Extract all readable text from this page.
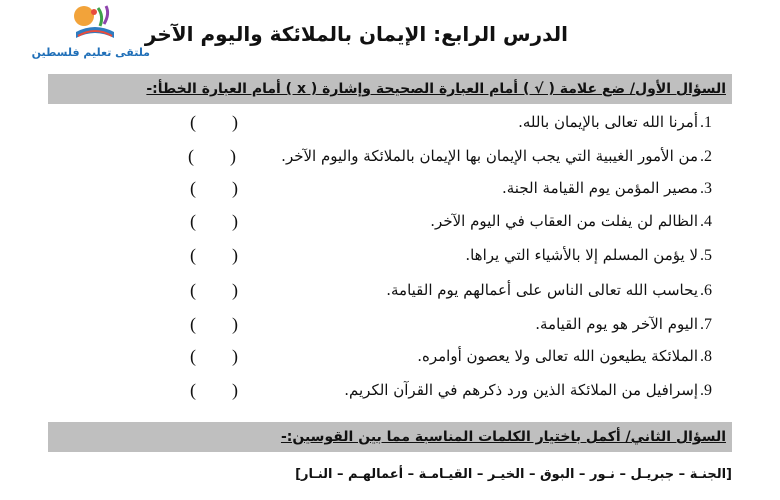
ملتقى تعليم فلسطين
الدرس الرابع: الإيمان بالملائكة واليوم الآخر
السؤال الأول/ ضع علامة ( √ ) أمام العبارة الصحيحة وإشارة ( x ) أمام العبارة الخطأ:-
1.أمرنا الله تعالى بالإيمان بالله.
2.من الأمور الغيبية التي يجب الإيمان بها الإيمان بالملائكة واليوم الآخر.
3.مصير المؤمن يوم القيامة الجنة.
4.الظالم لن يفلت من العقاب في اليوم الآخر.
5.لا يؤمن المسلم إلا بالأشياء التي يراها.
6.يحاسب الله تعالى الناس على أعمالهم يوم القيامة.
7.اليوم الآخر هو يوم القيامة.
8.الملائكة يطيعون الله تعالى ولا يعصون أوامره.
9.إسرافيل من الملائكة الذين ورد ذكرهم في القرآن الكريم.
(        )
(        )
(        )
(        )
(        )
(        )
(        )
(        )
(        )
السؤال الثاني/ أكمل باختيار الكلمات المناسبة مما بين القوسين:-
[الجنـة – جبريـل – نـور – البوق – الخيـر – القيـامـة – أعمالهـم – النـار]
